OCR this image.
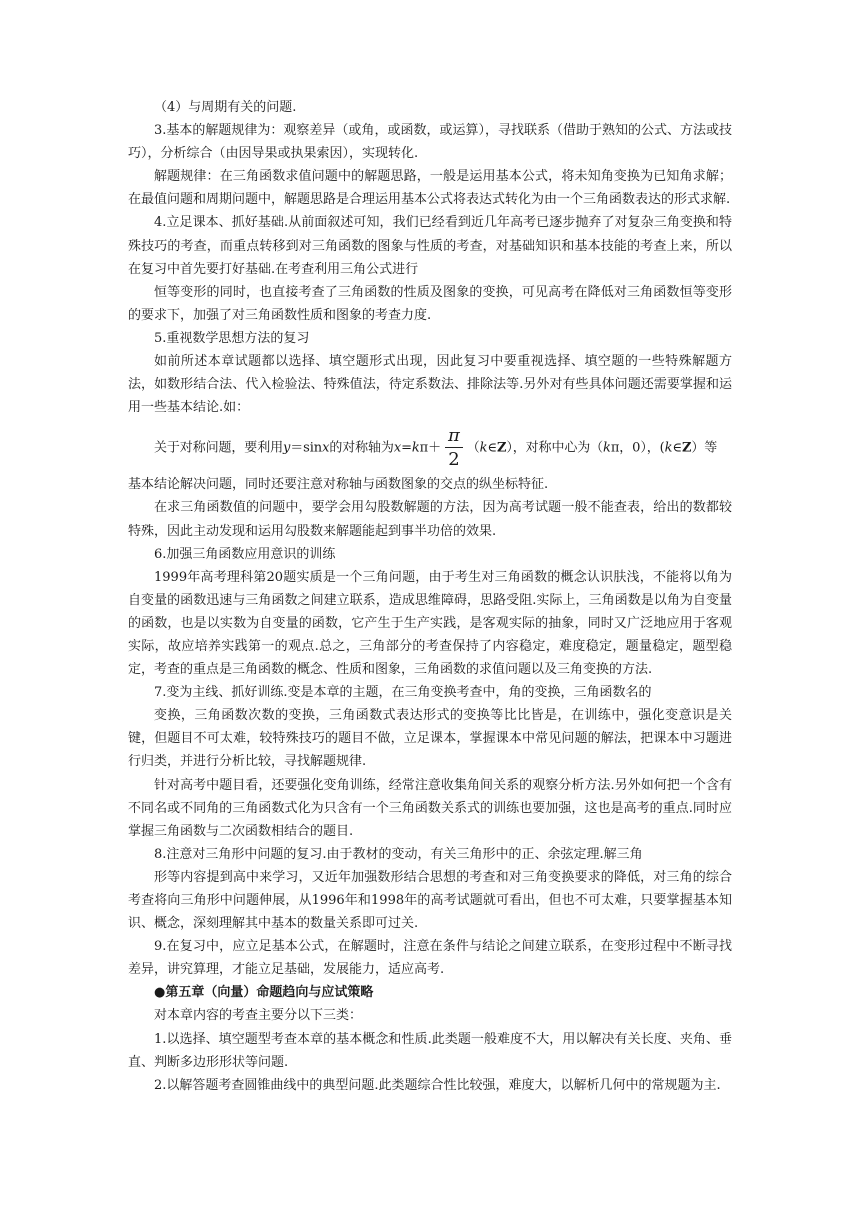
（4）与周期有关的问题.

3.基本的解题规律为：观察差异（或角，或函数，或运算），寻找联系（借助于熟知的公式、方法或技巧），分析综合（由因导果或执果索因），实现转化.

解题规律：在三角函数求值问题中的解题思路，一般是运用基本公式，将未知角变换为已知角求解；在最值问题和周期问题中，解题思路是合理运用基本公式将表达式转化为由一个三角函数表达的形式求解.

4.立足课本、抓好基础.从前面叙述可知，我们已经看到近几年高考已逐步抛弃了对复杂三角变换和特殊技巧的考查，而重点转移到对三角函数的图象与性质的考查，对基础知识和基本技能的考查上来，所以在复习中首先要打好基础.在考查利用三角公式进行

恒等变形的同时，也直接考查了三角函数的性质及图象的变换，可见高考在降低对三角函数恒等变形的要求下，加强了对三角函数性质和图象的考查力度.

5.重视数学思想方法的复习

如前所述本章试题都以选择、填空题形式出现，因此复习中要重视选择、填空题的一些特殊解题方法，如数形结合法、代入检验法、特殊值法，待定系数法、排除法等.另外对有些具体问题还需要掌握和运用一些基本结论.如：

关于对称问题，要利用y＝sinx的对称轴为$x=k\pi+ \frac{\pi}{2}$ （k∈Z），对称中心为（kπ，0），(k∈Z）等

基本结论解决问题，同时还要注意对称轴与函数图象的交点的纵坐标特征.

在求三角函数值的问题中，要学会用勾股数解题的方法，因为高考试题一般不能查表，给出的数都较特殊，因此主动发现和运用勾股数来解题能起到事半功倍的效果.

6.加强三角函数应用意识的训练

1999年高考理科第20题实质是一个三角问题，由于考生对三角函数的概念认识肤浅，不能将以角为自变量的函数迅速与三角函数之间建立联系，造成思维障碍，思路受阻.实际上，三角函数是以角为自变量的函数，也是以实数为自变量的函数，它产生于生产实践，是客观实际的抽象，同时又广泛地应用于客观实际，故应培养实践第一的观点.总之，三角部分的考查保持了内容稳定，难度稳定，题量稳定，题型稳定，考查的重点是三角函数的概念、性质和图象，三角函数的求值问题以及三角变换的方法.

7.变为主线、抓好训练.变是本章的主题，在三角变换考查中，角的变换，三角函数名的

变换，三角函数次数的变换，三角函数式表达形式的变换等比比皆是，在训练中，强化变意识是关键，但题目不可太难，较特殊技巧的题目不做，立足课本，掌握课本中常见问题的解法，把课本中习题进行归类，并进行分析比较，寻找解题规律.

针对高考中题目看，还要强化变角训练，经常注意收集角间关系的观察分析方法.另外如何把一个含有不同名或不同角的三角函数式化为只含有一个三角函数关系式的训练也要加强，这也是高考的重点.同时应掌握三角函数与二次函数相结合的题目.

8.注意对三角形中问题的复习.由于教材的变动，有关三角形中的正、余弦定理.解三角

形等内容提到高中来学习，又近年加强数形结合思想的考查和对三角变换要求的降低，对三角的综合考查将向三角形中问题伸展，从1996年和1998年的高考试题就可看出，但也不可太难，只要掌握基本知识、概念，深刻理解其中基本的数量关系即可过关.

9.在复习中，应立足基本公式，在解题时，注意在条件与结论之间建立联系，在变形过程中不断寻找差异，讲究算理，才能立足基础，发展能力，适应高考.

●第五章（向量）命题趋向与应试策略

对本章内容的考查主要分以下三类：

1.以选择、填空题型考查本章的基本概念和性质.此类题一般难度不大，用以解决有关长度、夹角、垂直、判断多边形形状等问题.

2.以解答题考查圆锥曲线中的典型问题.此类题综合性比较强，难度大，以解析几何中的常规题为主.
